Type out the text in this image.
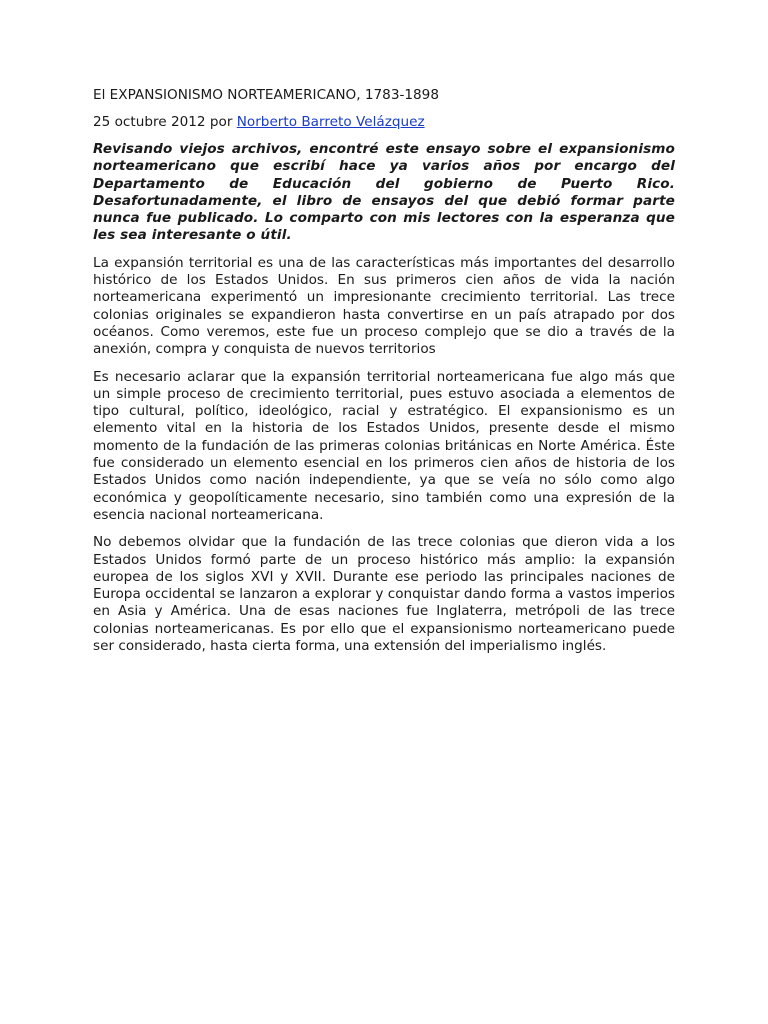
El EXPANSIONISMO NORTEAMERICANO, 1783-1898

25 octubre 2012 por Norberto Barreto Velázquez

Revisando viejos archivos, encontré este ensayo sobre el expansionismo norteamericano que escribí hace ya varios años por encargo del Departamento de Educación del gobierno de Puerto Rico. Desafortunadamente, el libro de ensayos del que debió formar parte nunca fue publicado. Lo comparto con mis lectores con la esperanza que les sea interesante o útil.

La expansión territorial es una de las características más importantes del desarrollo histórico de los Estados Unidos. En sus primeros cien años de vida la nación norteamericana experimentó un impresionante crecimiento territorial. Las trece colonias originales se expandieron hasta convertirse en un país atrapado por dos océanos. Como veremos, este fue un proceso complejo que se dio a través de la anexión, compra y conquista de nuevos territorios

Es necesario aclarar que la expansión territorial norteamericana fue algo más que un simple proceso de crecimiento territorial, pues estuvo asociada a elementos de tipo cultural, político, ideológico, racial y estratégico. El expansionismo es un elemento vital en la historia de los Estados Unidos, presente desde el mismo momento de la fundación de las primeras colonias británicas en Norte América. Éste fue considerado un elemento esencial en los primeros cien años de historia de los Estados Unidos como nación independiente, ya que se veía no sólo como algo económica y geopolíticamente necesario, sino también como una expresión de la esencia nacional norteamericana.

No debemos olvidar que la fundación de las trece colonias que dieron vida a los Estados Unidos formó parte de un proceso histórico más amplio: la expansión europea de los siglos XVI y XVII. Durante ese periodo las principales naciones de Europa occidental se lanzaron a explorar y conquistar dando forma a vastos imperios en Asia y América. Una de esas naciones fue Inglaterra, metrópoli de las trece colonias norteamericanas. Es por ello que el expansionismo norteamericano puede ser considerado, hasta cierta forma, una extensión del imperialismo inglés.
